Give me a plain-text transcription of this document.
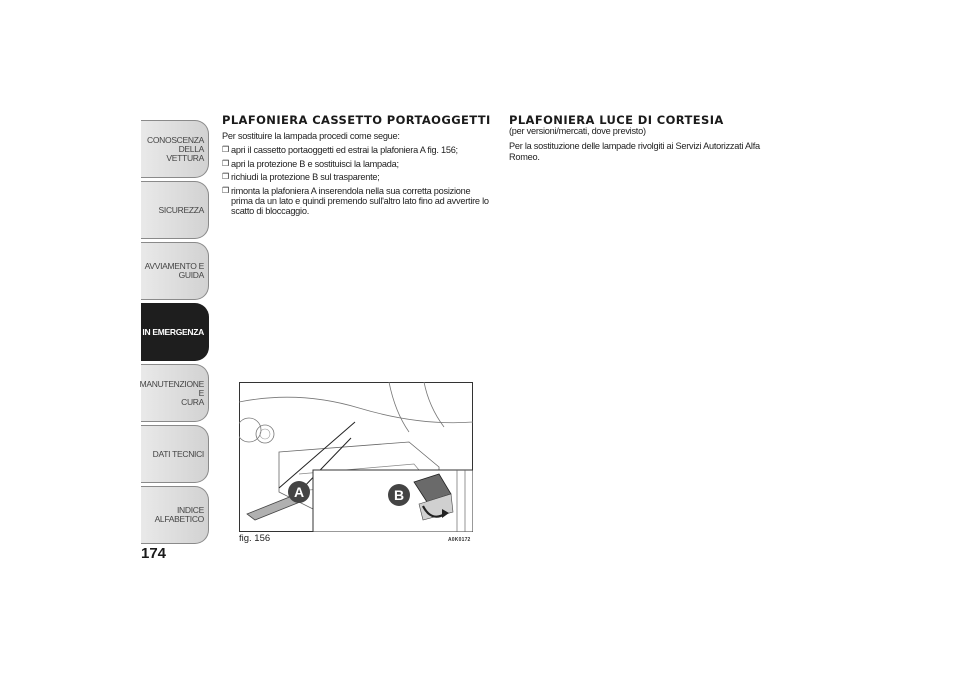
CONOSCENZA
DELLA VETTURA
SICUREZZA
AVVIAMENTO E
GUIDA
IN EMERGENZA
MANUTENZIONE E
CURA
DATI TECNICI
INDICE ALFABETICO
174
PLAFONIERA CASSETTO PORTAOGGETTI

Per sostituire la lampada procedi come segue:

❒ apri il cassetto portaoggetti ed estrai la plafoniera A fig. 156;
❒ apri la protezione B e sostituisci la lampada;
❒ richiudi la protezione B sul trasparente;
❒ rimonta la plafoniera A inserendola nella sua corretta posizione prima da un lato e quindi premendo sull'altro lato fino ad avvertire lo scatto di bloccaggio.
PLAFONIERA LUCE DI CORTESIA

(per versioni/mercati, dove previsto)

Per la sostituzione delle lampade rivolgiti ai Servizi Autorizzati Alfa Romeo.

A	B
fig. 156	A0K0172
